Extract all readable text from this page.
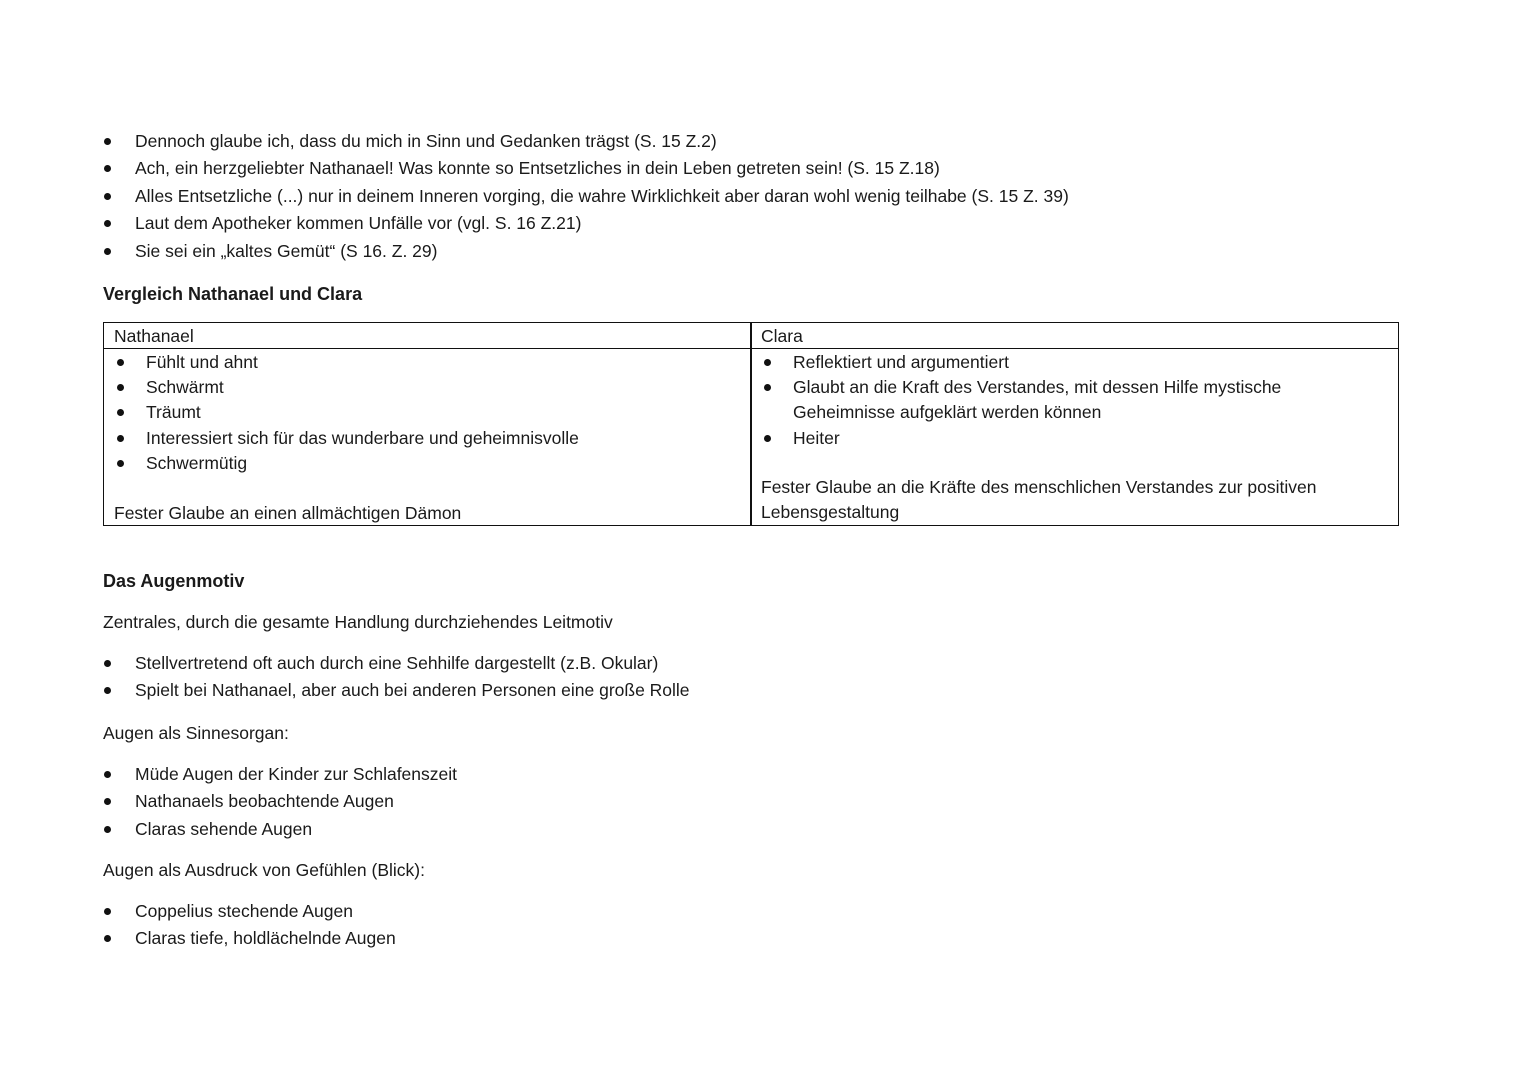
Dennoch glaube ich, dass du mich in Sinn und Gedanken trägst (S. 15 Z.2)
Ach, ein herzgeliebter Nathanael! Was konnte so Entsetzliches in dein Leben getreten sein! (S. 15 Z.18)
Alles Entsetzliche (...) nur in deinem Inneren vorging, die wahre Wirklichkeit aber daran wohl wenig teilhabe (S. 15 Z. 39)
Laut dem Apotheker kommen Unfälle vor (vgl. S. 16 Z.21)
Sie sei ein „kaltes Gemüt“ (S 16. Z. 29)
Vergleich Nathanael und Clara
Nathanael	Clara
Fühlt und ahnt
Schwärmt
Träumt
Interessiert sich für das wunderbare und geheimnisvolle
Schwermütig
Fester Glaube an einen allmächtigen Dämon
Reflektiert und argumentiert
Glaubt an die Kraft des Verstandes, mit dessen Hilfe mystische Geheimnisse aufgeklärt werden können
Heiter
Fester Glaube an die Kräfte des menschlichen Verstandes zur positiven Lebensgestaltung
Das Augenmotiv
Zentrales, durch die gesamte Handlung durchziehendes Leitmotiv
Stellvertretend oft auch durch eine Sehhilfe dargestellt (z.B. Okular)
Spielt bei Nathanael, aber auch bei anderen Personen eine große Rolle
Augen als Sinnesorgan:
Müde Augen der Kinder zur Schlafenszeit
Nathanaels beobachtende Augen
Claras sehende Augen
Augen als Ausdruck von Gefühlen (Blick):
Coppelius stechende Augen
Claras tiefe, holdlächelnde Augen
